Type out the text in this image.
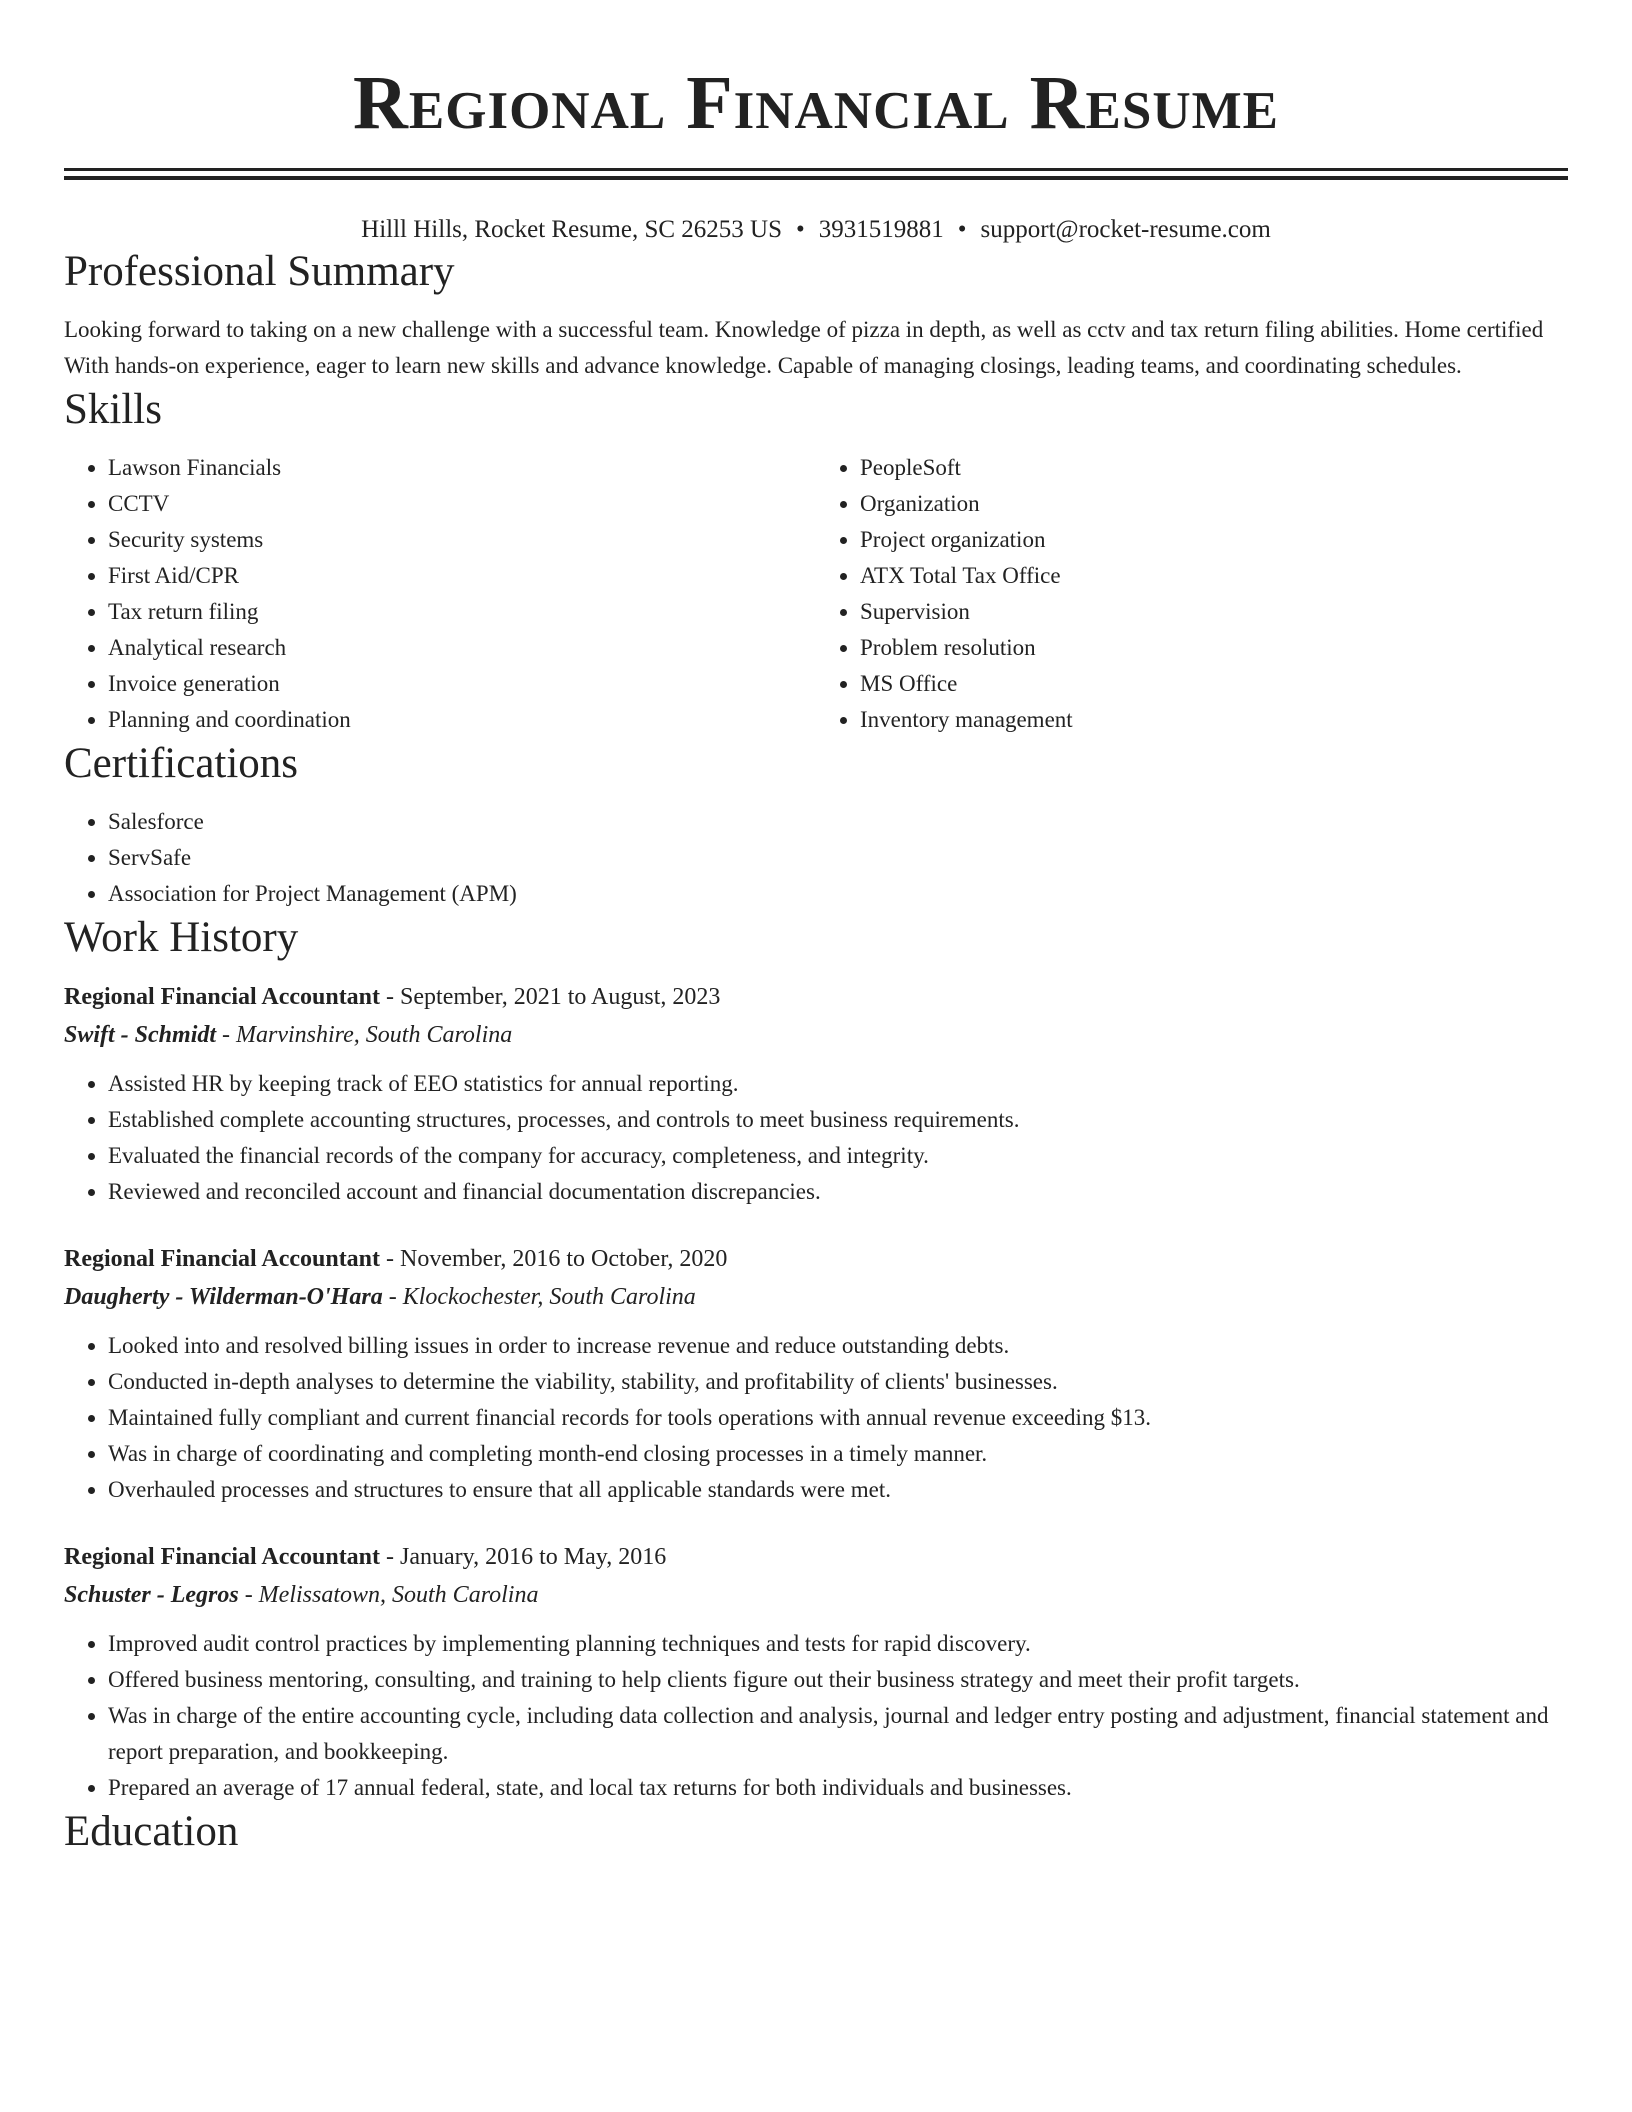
Regional Financial Resume
Hilll Hills, Rocket Resume, SC 26253 US • 3931519881 • support@rocket-resume.com
Professional Summary

Looking forward to taking on a new challenge with a successful team. Knowledge of pizza in depth, as well as cctv and tax return filing abilities. Home certified With hands-on experience, eager to learn new skills and advance knowledge. Capable of managing closings, leading teams, and coordinating schedules.

Skills
• Lawson Financials
• CCTV
• Security systems
• First Aid/CPR
• Tax return filing
• Analytical research
• Invoice generation
• Planning and coordination
• PeopleSoft
• Organization
• Project organization
• ATX Total Tax Office
• Supervision
• Problem resolution
• MS Office
• Inventory management
Certifications
• Salesforce
• ServSafe
• Association for Project Management (APM)
Work History
Regional Financial Accountant - September, 2021 to August, 2023
Swift - Schmidt - Marvinshire, South Carolina
• Assisted HR by keeping track of EEO statistics for annual reporting.
• Established complete accounting structures, processes, and controls to meet business requirements.
• Evaluated the financial records of the company for accuracy, completeness, and integrity.
• Reviewed and reconciled account and financial documentation discrepancies.
Regional Financial Accountant - November, 2016 to October, 2020
Daugherty - Wilderman-O'Hara - Klockochester, South Carolina
• Looked into and resolved billing issues in order to increase revenue and reduce outstanding debts.
• Conducted in-depth analyses to determine the viability, stability, and profitability of clients' businesses.
• Maintained fully compliant and current financial records for tools operations with annual revenue exceeding $13.
• Was in charge of coordinating and completing month-end closing processes in a timely manner.
• Overhauled processes and structures to ensure that all applicable standards were met.
Regional Financial Accountant - January, 2016 to May, 2016
Schuster - Legros - Melissatown, South Carolina
• Improved audit control practices by implementing planning techniques and tests for rapid discovery.
• Offered business mentoring, consulting, and training to help clients figure out their business strategy and meet their profit targets.
• Was in charge of the entire accounting cycle, including data collection and analysis, journal and ledger entry posting and adjustment, financial statement and report preparation, and bookkeeping.
• Prepared an average of 17 annual federal, state, and local tax returns for both individuals and businesses.
Education
